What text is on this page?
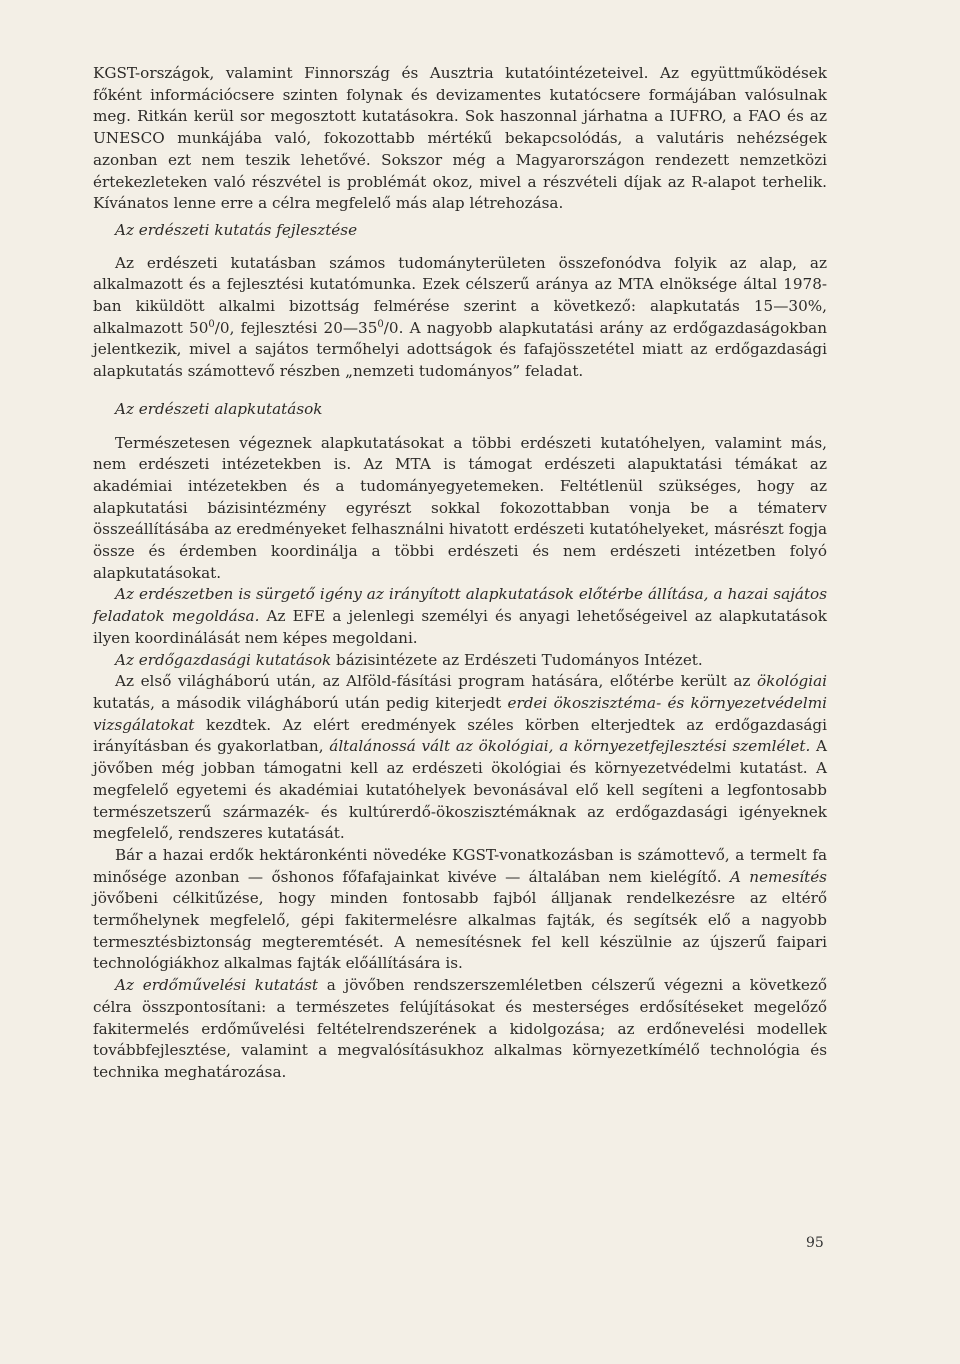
KGST-országok, valamint Finnország és Ausztria kutatóintézeteivel. Az együttműködések főként információcsere szinten folynak és devizamentes kutatócsere formájában valósulnak meg. Ritkán kerül sor megosztott kutatásokra. Sok haszonnal járhatna a IUFRO, a FAO és az UNESCO munkájába való, fokozottabb mértékű bekapcsolódás, a valutáris nehézségek azonban ezt nem teszik lehetővé. Sokszor még a Magyarországon rendezett nemzetközi értekezleteken való részvétel is problémát okoz, mivel a részvételi díjak az R-alapot terhelik. Kívánatos lenne erre a célra megfelelő más alap létrehozása.

Az erdészeti kutatás fejlesztése

Az erdészeti kutatásban számos tudományterületen összefonódva folyik az alap, az alkalmazott és a fejlesztési kutatómunka. Ezek célszerű aránya az MTA elnöksége által 1978-ban kiküldött alkalmi bizottság felmérése szerint a következő: alapkutatás 15—30%, alkalmazott $50^0/0$, fejlesztési $20—35^0/0$. A nagyobb alapkutatási arány az erdőgazdaságokban jelentkezik, mivel a sajátos termőhelyi adottságok és fafajösszetétel miatt az erdőgazdasági alapkutatás számottevő részben „nemzeti tudományos” feladat.

Az erdészeti alapkutatások

Természetesen végeznek alapkutatásokat a többi erdészeti kutatóhelyen, valamint más, nem erdészeti intézetekben is. Az MTA is támogat erdészeti alapuktatási témákat az akadémiai intézetekben és a tudományegyetemeken. Feltétlenül szükséges, hogy az alapkutatási bázisintézmény egyrészt sokkal fokozottabban vonja be a tématerv összeállításába az eredményeket felhasználni hivatott erdészeti kutatóhelyeket, másrészt fogja össze és érdemben koordinálja a többi erdészeti és nem erdészeti intézetben folyó alapkutatásokat.

Az erdészetben is sürgető igény az irányított alapkutatások előtérbe állítása, a hazai sajátos feladatok megoldása. Az EFE a jelenlegi személyi és anyagi lehetőségeivel az alapkutatások ilyen koordinálását nem képes megoldani.

Az erdőgazdasági kutatások bázisintézete az Erdészeti Tudományos Intézet.

Az első világháború után, az Alföld-fásítási program hatására, előtérbe került az ökológiai kutatás, a második világháború után pedig kiterjedt erdei ökoszisztéma- és környezetvédelmi vizsgálatokat kezdtek. Az elért eredmények széles körben elterjedtek az erdőgazdasági irányításban és gyakorlatban, általánossá vált az ökológiai, a környezetfejlesztési szemlélet. A jövőben még jobban támogatni kell az erdészeti ökológiai és környezetvédelmi kutatást. A megfelelő egyetemi és akadémiai kutatóhelyek bevonásával elő kell segíteni a legfontosabb természetszerű származék- és kultúrerdő-ökoszisztémáknak az erdőgazdasági igényeknek megfelelő, rendszeres kutatását.

Bár a hazai erdők hektáronkénti növedéke KGST-vonatkozásban is számottevő, a termelt fa minősége azonban — őshonos főfafajainkat kivéve — általában nem kielégítő. A nemesítés jövőbeni célkitűzése, hogy minden fontosabb fajból álljanak rendelkezésre az eltérő termőhelynek megfelelő, gépi fakitermelésre alkalmas fajták, és segítsék elő a nagyobb termesztésbiztonság megteremtését. A nemesítésnek fel kell készülnie az újszerű faipari technológiákhoz alkalmas fajták előállítására is.

Az erdőművelési kutatást a jövőben rendszerszemléletben célszerű végezni a következő célra összpontosítani: a természetes felújításokat és mesterséges erdősítéseket megelőző fakitermelés erdőművelési feltételrendszerének a kidolgozása; az erdőnevelési modellek továbbfejlesztése, valamint a megvalósításukhoz alkalmas környezetkímélő technológia és technika meghatározása.

95
